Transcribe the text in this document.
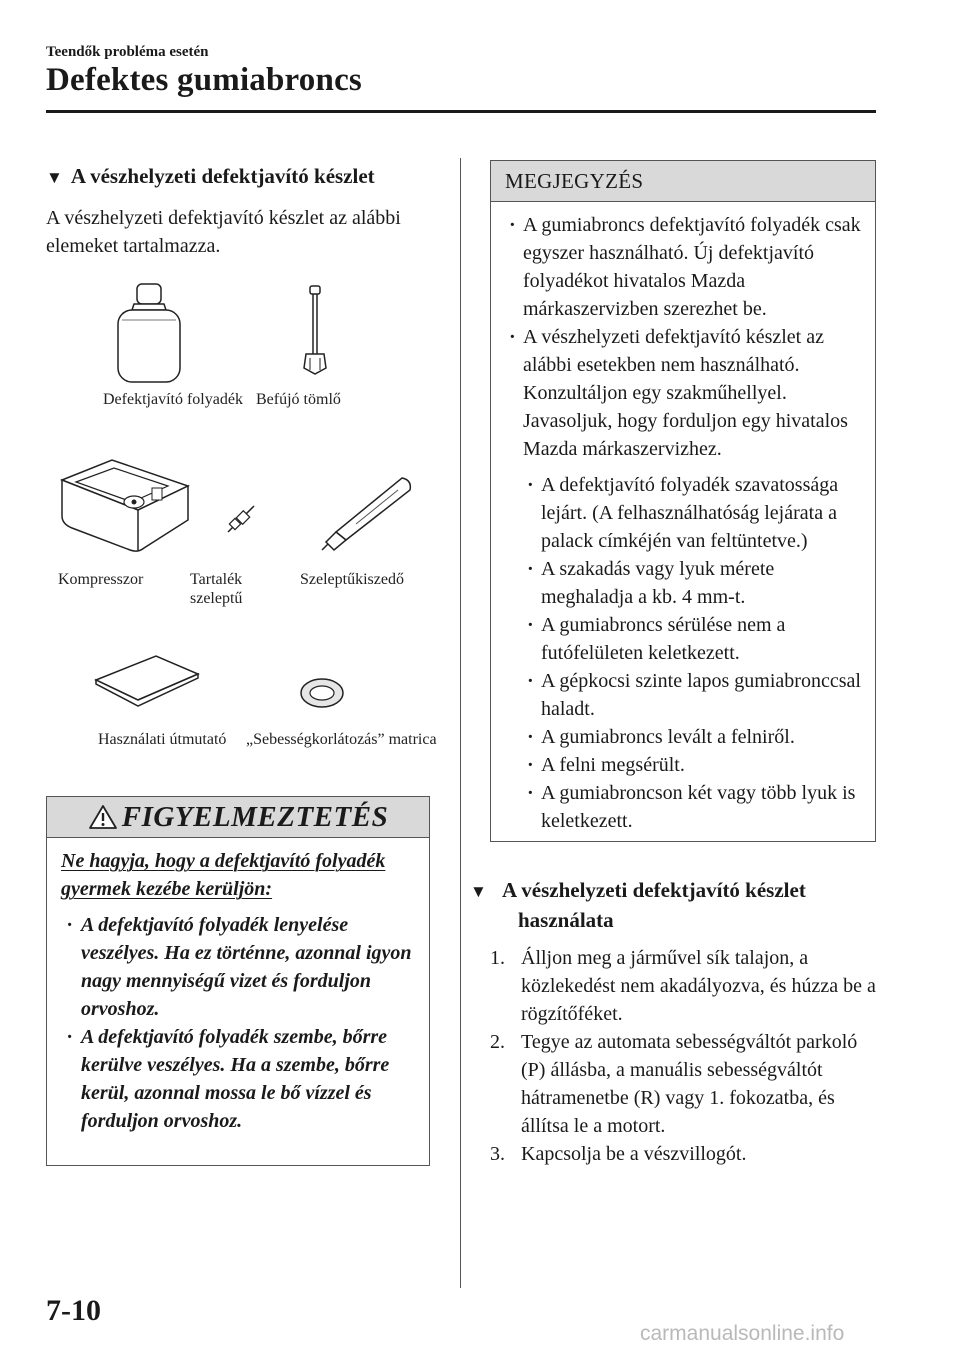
Teendők probléma esetén
Defektes gumiabroncs
▼ A vészhelyzeti defektjavító készlet
A vészhelyzeti defektjavító készlet az alábbi elemeket tartalmazza.
Defektjavító folyadék Befújó tömlő
Kompresszor	Tartalék szeleptű
Szeleptűkiszedő
Használati útmutató „Sebességkorlátozás” matrica
FIGYELMEZTETÉS
Ne hagyja, hogy a defektjavító folyadék gyermek kezébe kerüljön:
· A defektjavító folyadék lenyelése veszélyes. Ha ez történne, azonnal igyon nagy mennyiségű vizet és forduljon orvoshoz.
· A defektjavító folyadék szembe, bőrre kerülve veszélyes. Ha a szembe, bőrre kerül, azonnal mossa le bő vízzel és forduljon orvoshoz.
MEGJEGYZÉS
· A gumiabroncs defektjavító folyadék csak egyszer használható. Új defektjavító folyadékot hivatalos Mazda márkaszervizben szerezhet be.
· A vészhelyzeti defektjavító készlet az alábbi esetekben nem használható. Konzultáljon egy szakműhellyel. Javasoljuk, hogy forduljon egy hivatalos Mazda márkaszervizhez.
· A defektjavító folyadék szavatossága lejárt. (A felhasználhatóság lejárata a palack címkéjén van feltüntetve.)
· A szakadás vagy lyuk mérete meghaladja a kb. 4 mm-t.
· A gumiabroncs sérülése nem a futófelületen keletkezett.
· A gépkocsi szinte lapos gumiabronccsal haladt.
· A gumiabroncs levált a felniről.
· A felni megsérült.
· A gumiabroncson két vagy több lyuk is keletkezett.
▼ A vészhelyzeti defektjavító készlet használata
1. Álljon meg a járművel sík talajon, a közlekedést nem akadályozva, és húzza be a rögzítőféket.
2. Tegye az automata sebességváltót parkoló (P) állásba, a manuális sebességváltót hátramenetbe (R) vagy 1. fokozatba, és állítsa le a motort.
3. Kapcsolja be a vészvillogót.
7-10
carmanualsonline.info
